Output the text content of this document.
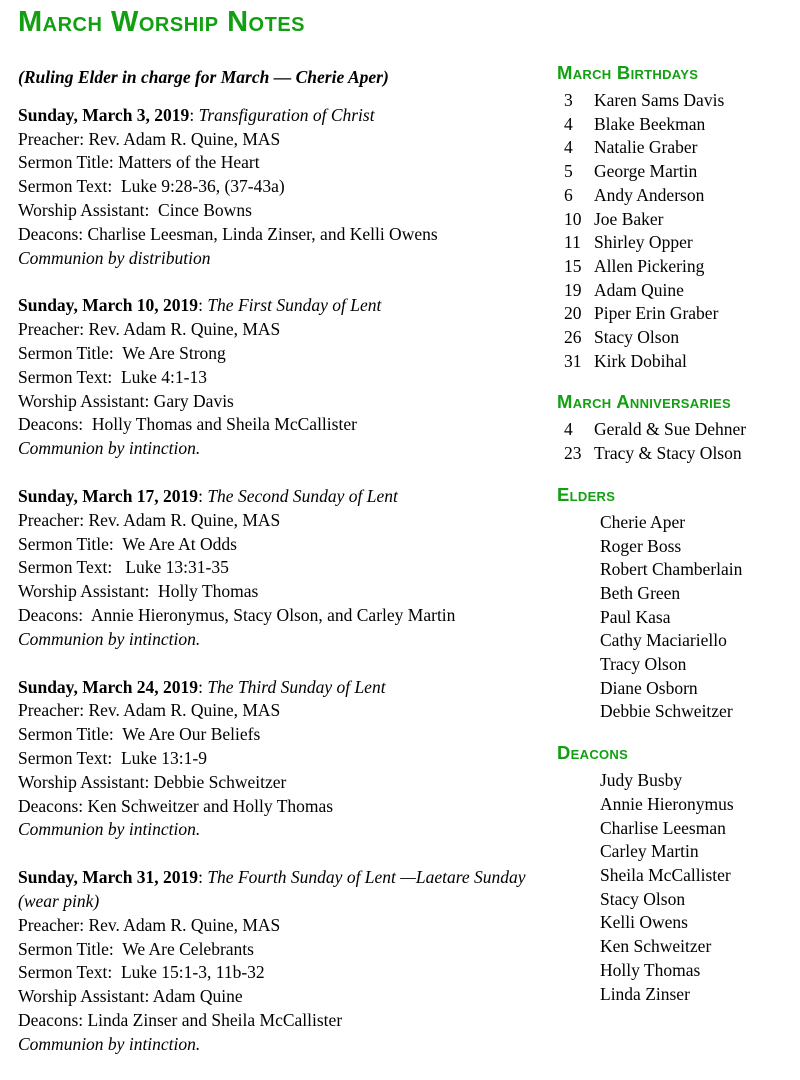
March Worship Notes

(Ruling Elder in charge for March — Cherie Aper)

Sunday, March 3, 2019: Transfiguration of Christ

Preacher: Rev. Adam R. Quine, MAS

Sermon Title: Matters of the Heart

Sermon Text:  Luke 9:28-36, (37-43a)

Worship Assistant:  Cince Bowns

Deacons: Charlise Leesman, Linda Zinser, and Kelli Owens

Communion by distribution

Sunday, March 10, 2019: The First Sunday of Lent

Preacher: Rev. Adam R. Quine, MAS

Sermon Title:  We Are Strong

Sermon Text:  Luke 4:1-13

Worship Assistant: Gary Davis

Deacons:  Holly Thomas and Sheila McCallister

Communion by intinction.

Sunday, March 17, 2019: The Second Sunday of Lent

Preacher: Rev. Adam R. Quine, MAS

Sermon Title:  We Are At Odds

Sermon Text:   Luke 13:31-35

Worship Assistant:  Holly Thomas

Deacons:  Annie Hieronymus, Stacy Olson, and Carley Martin

Communion by intinction.

Sunday, March 24, 2019: The Third Sunday of Lent

Preacher: Rev. Adam R. Quine, MAS

Sermon Title:  We Are Our Beliefs

Sermon Text:  Luke 13:1-9

Worship Assistant: Debbie Schweitzer

Deacons: Ken Schweitzer and Holly Thomas

Communion by intinction.

Sunday, March 31, 2019: The Fourth Sunday of Lent —Laetare Sunday (wear pink)

Preacher: Rev. Adam R. Quine, MAS

Sermon Title:  We Are Celebrants

Sermon Text:  Luke 15:1-3, 11b-32

Worship Assistant: Adam Quine

Deacons: Linda Zinser and Sheila McCallister

Communion by intinction.

March Birthdays
3	Karen Sams Davis
4	Blake Beekman
4	Natalie Graber
5	George Martin
6	Andy Anderson
10 Joe Baker
11 Shirley Opper
15 Allen Pickering
19 Adam Quine
20 Piper Erin Graber
26 Stacy Olson
31 Kirk Dobihal
March Anniversaries
4	Gerald & Sue Dehner
23 Tracy & Stacy Olson
Elders

Cherie Aper

Roger Boss

Robert Chamberlain

Beth Green

Paul Kasa

Cathy Maciariello

Tracy Olson

Diane Osborn

Debbie Schweitzer

Deacons

Judy Busby

Annie Hieronymus

Charlise Leesman

Carley Martin

Sheila McCallister

Stacy Olson

Kelli Owens

Ken Schweitzer

Holly Thomas

Linda Zinser
